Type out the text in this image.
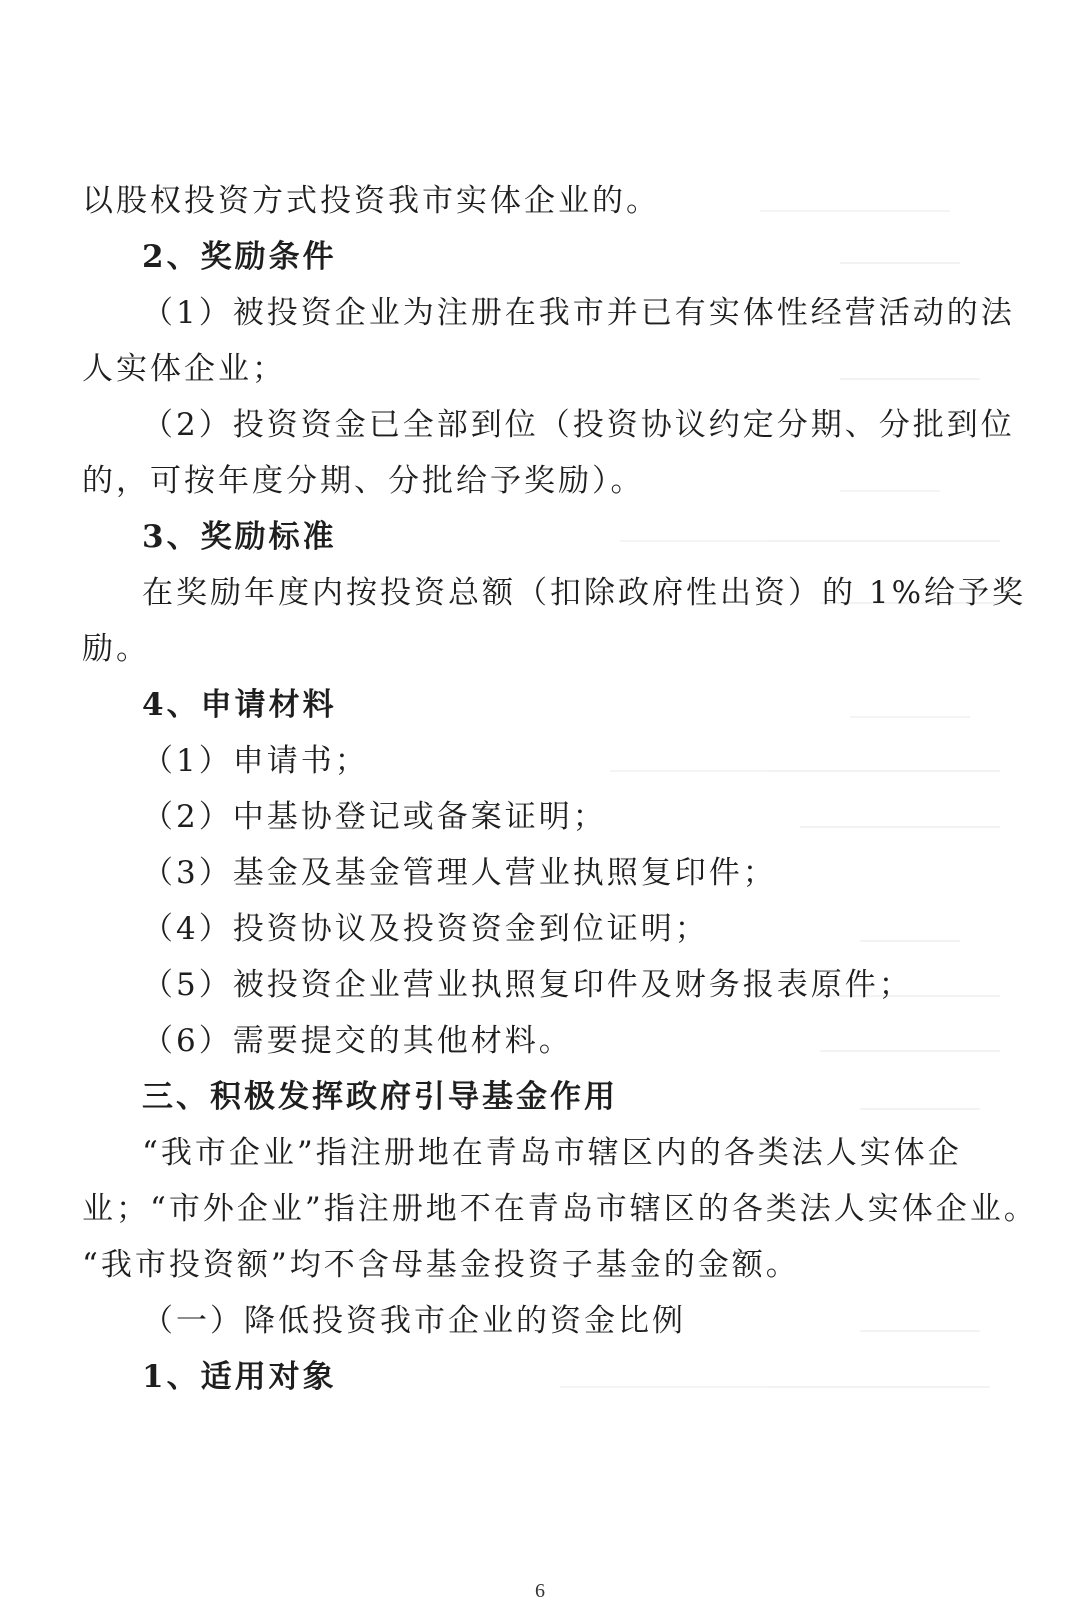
以股权投资方式投资我市实体企业的。
2、奖励条件
（1）被投资企业为注册在我市并已有实体性经营活动的法
人实体企业；
（2）投资资金已全部到位（投资协议约定分期、分批到位
的，可按年度分期、分批给予奖励）。
3、奖励标准
在奖励年度内按投资总额（扣除政府性出资）的 1%给予奖
励。
4、申请材料
（1）申请书；
（2）中基协登记或备案证明；
（3）基金及基金管理人营业执照复印件；
（4）投资协议及投资资金到位证明；
（5）被投资企业营业执照复印件及财务报表原件；
（6）需要提交的其他材料。
三、积极发挥政府引导基金作用
“我市企业”指注册地在青岛市辖区内的各类法人实体企
业；“市外企业”指注册地不在青岛市辖区的各类法人实体企业。
“我市投资额”均不含母基金投资子基金的金额。
（一）降低投资我市企业的资金比例
1、适用对象
6
